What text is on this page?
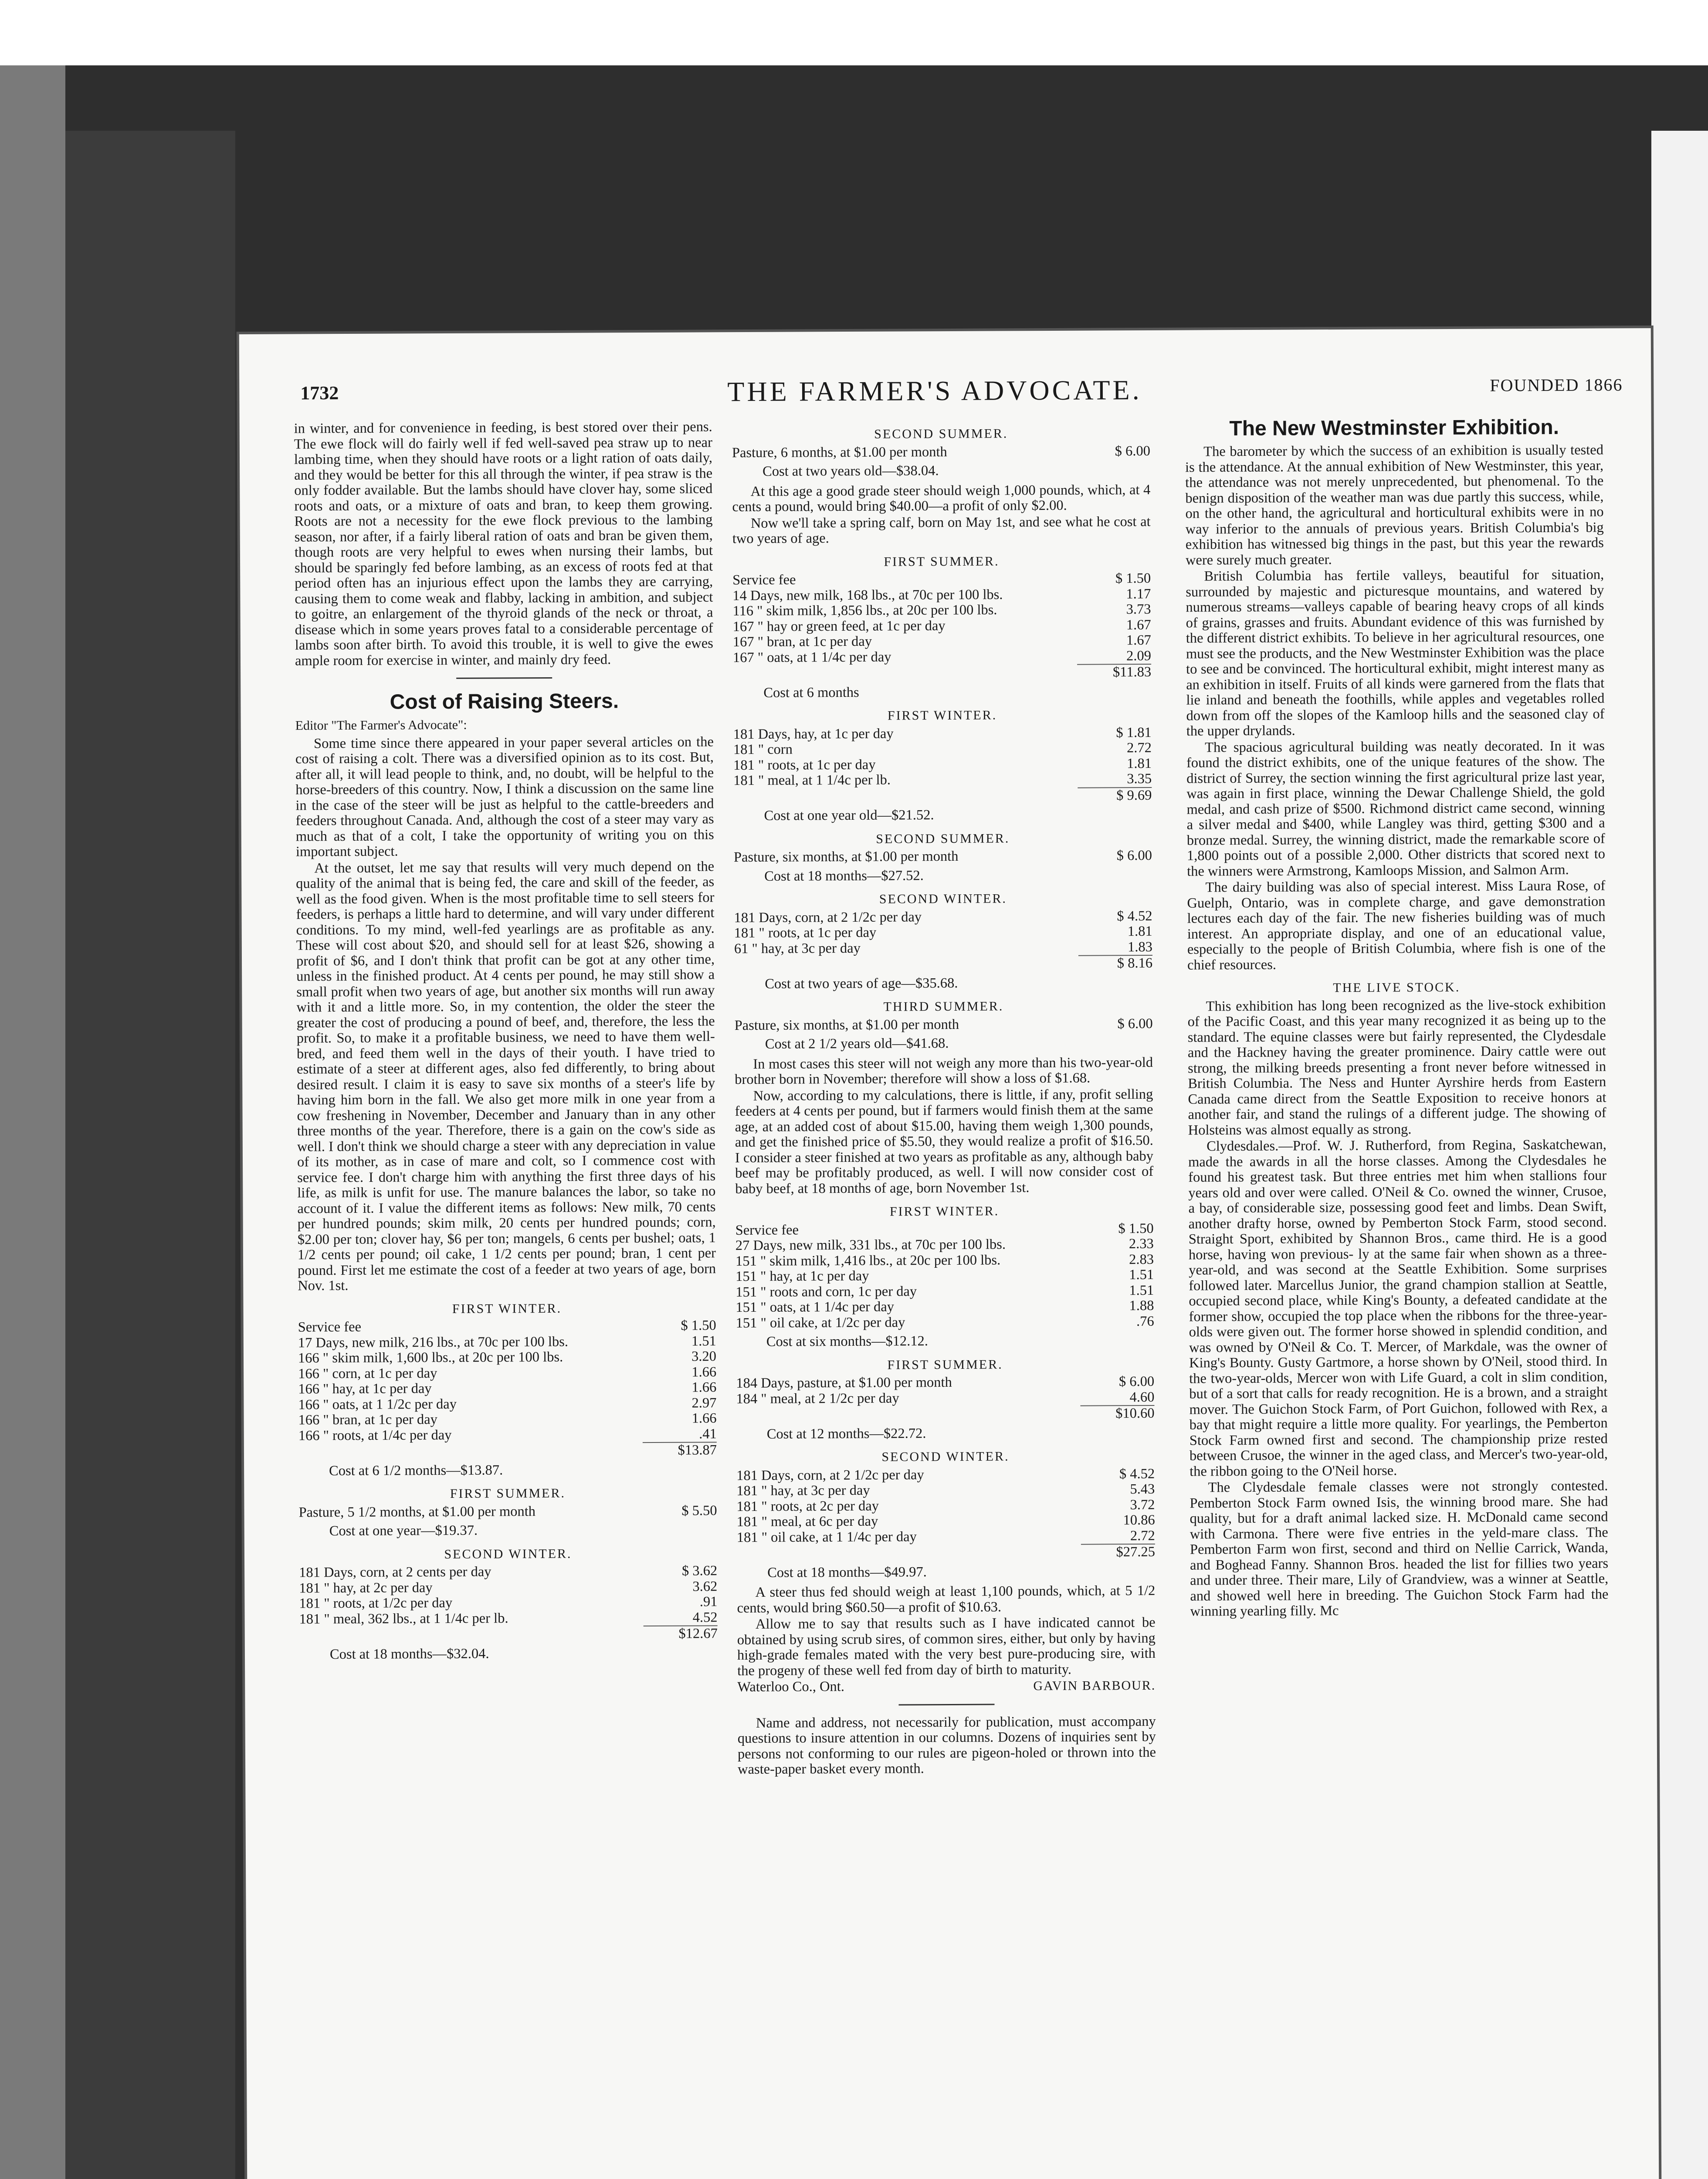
1732	THE FARMER'S ADVOCATE.	FOUNDED 1866

in winter, and for convenience in feeding, is best stored over their pens. The ewe flock will do fairly well if fed well-saved pea straw up to near lambing time, when they should have roots or a light ration of oats daily, and they would be better for this all through the winter, if pea straw is the only fodder available. But the lambs should have clover hay, some sliced roots and oats, or a mixture of oats and bran, to keep them growing. Roots are not a necessity for the ewe flock previous to the lambing season, nor after, if a fairly liberal ration of oats and bran be given them, though roots are very helpful to ewes when nursing their lambs, but should be sparingly fed before lambing, as an excess of roots fed at that period often has an injurious effect upon the lambs they are carrying, causing them to come weak and flabby, lacking in ambition, and subject to goitre, an enlargement of the thyroid glands of the neck or throat, a disease which in some years proves fatal to a considerable percentage of lambs soon after birth. To avoid this trouble, it is well to give the ewes ample room for exercise in winter, and mainly dry feed.

Cost of Raising Steers.
Editor "The Farmer's Advocate":

Some time since there appeared in your paper several articles on the cost of raising a colt. There was a diversified opinion as to its cost. But, after all, it will lead people to think, and, no doubt, will be helpful to the horse-breeders of this country. Now, I think a discussion on the same line in the case of the steer will be just as helpful to the cattle-breeders and feeders throughout Canada. And, although the cost of a steer may vary as much as that of a colt, I take the opportunity of writing you on this important subject.

At the outset, let me say that results will very much depend on the quality of the animal that is being fed, the care and skill of the feeder, as well as the food given. When is the most profitable time to sell steers for feeders, is perhaps a little hard to determine, and will vary under different conditions. To my mind, well-fed yearlings are as profitable as any. These will cost about $20, and should sell for at least $26, showing a profit of $6, and I don't think that profit can be got at any other time, unless in the finished product. At 4 cents per pound, he may still show a small profit when two years of age, but another six months will run away with it and a little more. So, in my contention, the older the steer the greater the cost of producing a pound of beef, and, therefore, the less the profit. So, to make it a profitable business, we need to have them well-bred, and feed them well in the days of their youth. I have tried to estimate of a steer at different ages, also fed differently, to bring about desired result. I claim it is easy to save six months of a steer's life by having him born in the fall. We also get more milk in one year from a cow freshening in November, December and January than in any other three months of the year. Therefore, there is a gain on the cow's side as well. I don't think we should charge a steer with any depreciation in value of its mother, as in case of mare and colt, so I commence cost with service fee. I don't charge him with anything the first three days of his life, as milk is unfit for use. The manure balances the labor, so take no account of it. I value the different items as follows: New milk, 70 cents per hundred pounds; skim milk, 20 cents per hundred pounds; corn, $2.00 per ton; clover hay, $6 per ton; mangels, 6 cents per bushel; oats, 1 1/2 cents per pound; oil cake, 1 1/2 cents per pound; bran, 1 cent per pound. First let me estimate the cost of a feeder at two years of age, born Nov. 1st.

FIRST WINTER.
Service fee	$ 1.50
17 Days, new milk, 216 lbs., at 70c per 100 lbs.	1.51
166 " skim milk, 1,600 lbs., at 20c per 100 lbs.	3.20
166 " corn, at 1c per day	1.66
166 " hay, at 1c per day	1.66
166 " oats, at 1 1/2c per day	2.97
166 " bran, at 1c per day	1.66
166 " roots, at 1/4c per day	.41
$13.87
Cost at 6 1/2 months—$13.87.
FIRST SUMMER.
Pasture, 5 1/2 months, at $1.00 per month	$ 5.50
Cost at one year—$19.37.
SECOND WINTER.
181 Days, corn, at 2 cents per day	$ 3.62
181 " hay, at 2c per day	3.62
181 " roots, at 1/2c per day	.91
181 " meal, 362 lbs., at 1 1/4c per lb.	4.52
$12.67
Cost at 18 months—$32.04.
SECOND SUMMER.
Pasture, 6 months, at $1.00 per month	$ 6.00
Cost at two years old—$38.04.

At this age a good grade steer should weigh 1,000 pounds, which, at 4 cents a pound, would bring $40.00—a profit of only $2.00.

Now we'll take a spring calf, born on May 1st, and see what he cost at two years of age.

FIRST SUMMER.
Service fee	$ 1.50
14 Days, new milk, 168 lbs., at 70c per 100 lbs.	1.17
116 " skim milk, 1,856 lbs., at 20c per 100 lbs.	3.73
167 " hay or green feed, at 1c per day	1.67
167 " bran, at 1c per day	1.67
167 " oats, at 1 1/4c per day	2.09
$11.83
Cost at 6 months
FIRST WINTER.
181 Days, hay, at 1c per day	$ 1.81
181 " corn	2.72
181 " roots, at 1c per day	1.81
181 " meal, at 1 1/4c per lb.	3.35
$ 9.69
Cost at one year old—$21.52.
SECOND SUMMER.
Pasture, six months, at $1.00 per month	$ 6.00
Cost at 18 months—$27.52.
SECOND WINTER.
181 Days, corn, at 2 1/2c per day	$ 4.52
181 " roots, at 1c per day	1.81
61 " hay, at 3c per day	1.83
$ 8.16
Cost at two years of age—$35.68.
THIRD SUMMER.
Pasture, six months, at $1.00 per month	$ 6.00
Cost at 2 1/2 years old—$41.68.

In most cases this steer will not weigh any more than his two-year-old brother born in November; therefore will show a loss of $1.68.

Now, according to my calculations, there is little, if any, profit selling feeders at 4 cents per pound, but if farmers would finish them at the same age, at an added cost of about $15.00, having them weigh 1,300 pounds, and get the finished price of $5.50, they would realize a profit of $16.50. I consider a steer finished at two years as profitable as any, although baby beef may be profitably produced, as well. I will now consider cost of baby beef, at 18 months of age, born November 1st.

FIRST WINTER.
Service fee	$ 1.50
27 Days, new milk, 331 lbs., at 70c per 100 lbs.	2.33
151 " skim milk, 1,416 lbs., at 20c per 100 lbs.	2.83
151 " hay, at 1c per day	1.51
151 " roots and corn, 1c per day	1.51
151 " oats, at 1 1/4c per day	1.88
151 " oil cake, at 1/2c per day	.76
Cost at six months—$12.12.
FIRST SUMMER.
184 Days, pasture, at $1.00 per month	$ 6.00
184 " meal, at 2 1/2c per day	4.60
$10.60
Cost at 12 months—$22.72.
SECOND WINTER.
181 Days, corn, at 2 1/2c per day	$ 4.52
181 " hay, at 3c per day	5.43
181 " roots, at 2c per day	3.72
181 " meal, at 6c per day	10.86
181 " oil cake, at 1 1/4c per day	2.72
$27.25
Cost at 18 months—$49.97.

A steer thus fed should weigh at least 1,100 pounds, which, at 5 1/2 cents, would bring $60.50—a profit of $10.63.

Allow me to say that results such as I have indicated cannot be obtained by using scrub sires, of common sires, either, but only by having high-grade females mated with the very best pure-producing sire, with the progeny of these well fed from day of birth to maturity.

Waterloo Co., Ont.	GAVIN BARBOUR.

Name and address, not necessarily for publication, must accompany questions to insure attention in our columns. Dozens of inquiries sent by persons not conforming to our rules are pigeon-holed or thrown into the waste-paper basket every month.

The New Westminster Exhibition.

The barometer by which the success of an exhibition is usually tested is the attendance. At the annual exhibition of New Westminster, this year, the attendance was not merely unprecedented, but phenomenal. To the benign disposition of the weather man was due partly this success, while, on the other hand, the agricultural and horticultural exhibits were in no way inferior to the annuals of previous years. British Columbia's big exhibition has witnessed big things in the past, but this year the rewards were surely much greater.

British Columbia has fertile valleys, beautiful for situation, surrounded by majestic and picturesque mountains, and watered by numerous streams—valleys capable of bearing heavy crops of all kinds of grains, grasses and fruits. Abundant evidence of this was furnished by the different district exhibits. To believe in her agricultural resources, one must see the products, and the New Westminster Exhibition was the place to see and be convinced. The horticultural exhibit, might interest many as an exhibition in itself. Fruits of all kinds were garnered from the flats that lie inland and beneath the foothills, while apples and vegetables rolled down from off the slopes of the Kamloop hills and the seasoned clay of the upper drylands.

The spacious agricultural building was neatly decorated. In it was found the district exhibits, one of the unique features of the show. The district of Surrey, the section winning the first agricultural prize last year, was again in first place, winning the Dewar Challenge Shield, the gold medal, and cash prize of $500. Richmond district came second, winning a silver medal and $400, while Langley was third, getting $300 and a bronze medal. Surrey, the winning district, made the remarkable score of 1,800 points out of a possible 2,000. Other districts that scored next to the winners were Armstrong, Kamloops Mission, and Salmon Arm.

The dairy building was also of special interest. Miss Laura Rose, of Guelph, Ontario, was in complete charge, and gave demonstration lectures each day of the fair. The new fisheries building was of much interest. An appropriate display, and one of an educational value, especially to the people of British Columbia, where fish is one of the chief resources.

THE LIVE STOCK.

This exhibition has long been recognized as the live-stock exhibition of the Pacific Coast, and this year many recognized it as being up to the standard. The equine classes were but fairly represented, the Clydesdale and the Hackney having the greater prominence. Dairy cattle were out strong, the milking breeds presenting a front never before witnessed in British Columbia. The Ness and Hunter Ayrshire herds from Eastern Canada came direct from the Seattle Exposition to receive honors at another fair, and stand the rulings of a different judge. The showing of Holsteins was almost equally as strong.

Clydesdales.—Prof. W. J. Rutherford, from Regina, Saskatchewan, made the awards in all the horse classes. Among the Clydesdales he found his greatest task. But three entries met him when stallions four years old and over were called. O'Neil & Co. owned the winner, Crusoe, a bay, of considerable size, possessing good feet and limbs. Dean Swift, another drafty horse, owned by Pemberton Stock Farm, stood second. Straight Sport, exhibited by Shannon Bros., came third. He is a good horse, having won previous- ly at the same fair when shown as a three-year-old, and was second at the Seattle Exhibition. Some surprises followed later. Marcellus Junior, the grand champion stallion at Seattle, occupied second place, while King's Bounty, a defeated candidate at the former show, occupied the top place when the ribbons for the three-year-olds were given out. The former horse showed in splendid condition, and was owned by O'Neil & Co. T. Mercer, of Markdale, was the owner of King's Bounty. Gusty Gartmore, a horse shown by O'Neil, stood third. In the two-year-olds, Mercer won with Life Guard, a colt in slim condition, but of a sort that calls for ready recognition. He is a brown, and a straight mover. The Guichon Stock Farm, of Port Guichon, followed with Rex, a bay that might require a little more quality. For yearlings, the Pemberton Stock Farm owned first and second. The championship prize rested between Crusoe, the winner in the aged class, and Mercer's two-year-old, the ribbon going to the O'Neil horse.

The Clydesdale female classes were not strongly contested. Pemberton Stock Farm owned Isis, the winning brood mare. She had quality, but for a draft animal lacked size. H. McDonald came second with Carmona. There were five entries in the yeld-mare class. The Pemberton Farm won first, second and third on Nellie Carrick, Wanda, and Boghead Fanny. Shannon Bros. headed the list for fillies two years and under three. Their mare, Lily of Grandview, was a winner at Seattle, and showed well here in breeding. The Guichon Stock Farm had the winning yearling filly. Mc
